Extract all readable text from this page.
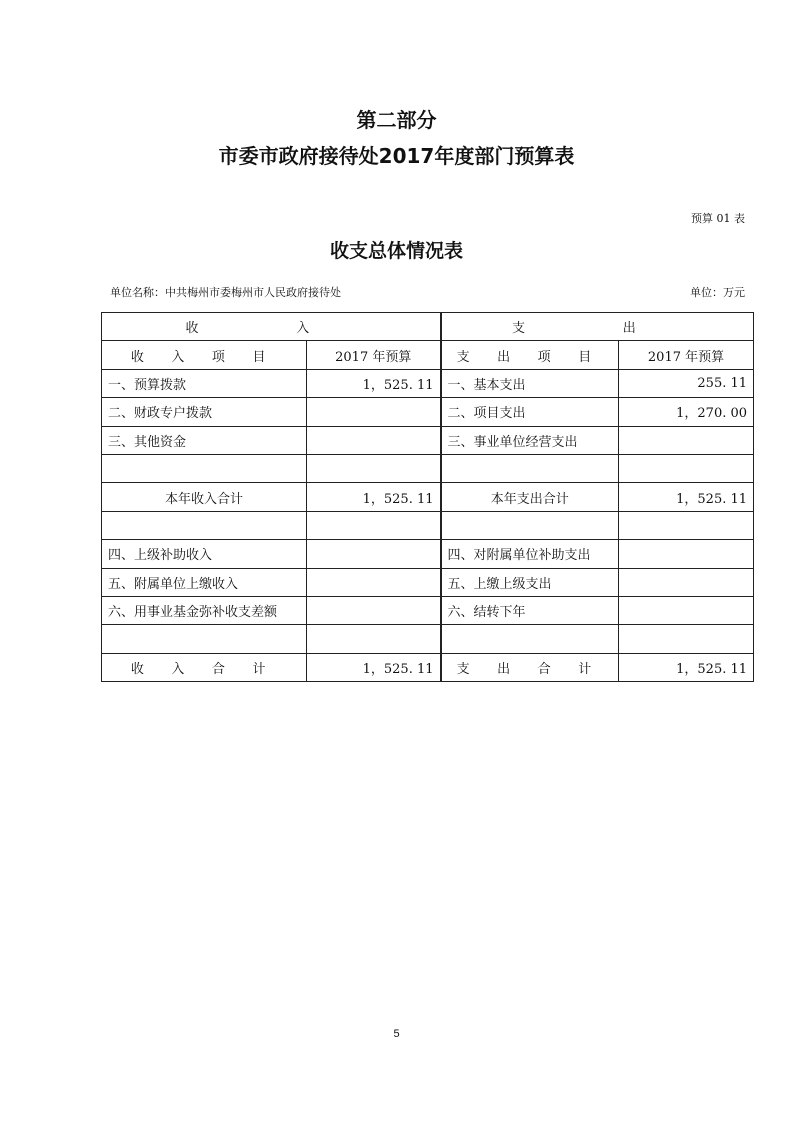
第二部分
市委市政府接待处2017年度部门预算表
预算 01 表
收支总体情况表
单位名称：中共梅州市委梅州市人民政府接待处	单位：万元
收 入		支 出	
收 入 项 目	2017 年预算	支 出 项 目	2017 年预算
一、预算拨款	1，525. 11	一、基本支出	255. 11
二、财政专户拨款		二、项目支出	1，270. 00
三、其他资金		三、事业单位经营支出	

本年收入合计	1，525. 11	本年支出合计	1，525. 11

四、上级补助收入		四、对附属单位补助支出	
五、附属单位上缴收入		五、上缴上级支出	
六、用事业基金弥补收支差额		六、结转下年	

收 入 合 计	1，525. 11	支 出 合 计	1，525. 11
5
